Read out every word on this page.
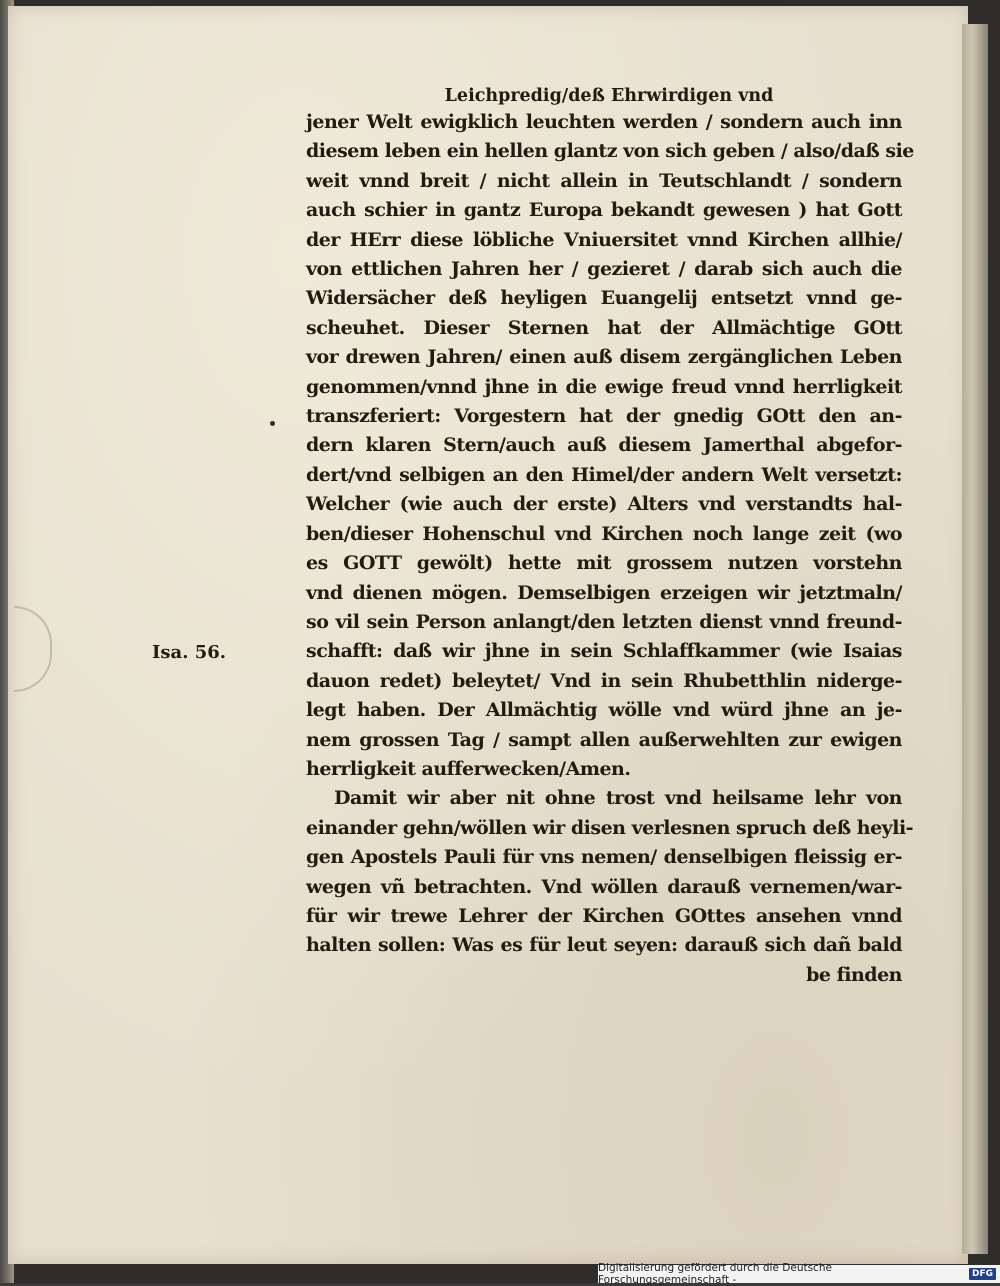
Isa. 56.
Leichpredig/deß Ehrwirdigen vnd
jener Welt ewigklich leuchten werden / sondern auch inn
diesem leben ein hellen glantz von sich geben / also/daß sie
weit vnnd breit / nicht allein in Teutschlandt / sondern
auch schier in gantz Europa bekandt gewesen ) hat Gott
der HErr diese löbliche Vniuersitet vnnd Kirchen allhie/
von ettlichen Jahren her / gezieret / darab sich auch die
Widersächer deß heyligen Euangelij entsetzt vnnd ge-
scheuhet. Dieser Sternen hat der Allmächtige GOtt
vor drewen Jahren/ einen auß disem zergänglichen Leben
genommen/vnnd jhne in die ewige freud vnnd herrligkeit
transzferiert: Vorgestern hat der gnedig GOtt den an-
dern klaren Stern/auch auß diesem Jamerthal abgefor-
dert/vnd selbigen an den Himel/der andern Welt versetzt:
Welcher (wie auch der erste) Alters vnd verstandts hal-
ben/dieser Hohenschul vnd Kirchen noch lange zeit (wo
es GOTT gewölt) hette mit grossem nutzen vorstehn
vnd dienen mögen. Demselbigen erzeigen wir jetztmaln/
so vil sein Person anlangt/den letzten dienst vnnd freund-
schafft: daß wir jhne in sein Schlaffkammer (wie Isaias
dauon redet) beleytet/ Vnd in sein Rhubetthlin niderge-
legt haben. Der Allmächtig wölle vnd würd jhne an je-
nem grossen Tag / sampt allen außerwehlten zur ewigen
herrligkeit aufferwecken/Amen.
Damit wir aber nit ohne trost vnd heilsame lehr von
einander gehn/wöllen wir disen verlesnen spruch deß heyli-
gen Apostels Pauli für vns nemen/ denselbigen fleissig er-
wegen vñ betrachten. Vnd wöllen darauß vernemen/war-
für wir trewe Lehrer der Kirchen GOttes ansehen vnnd
halten sollen: Was es für leut seyen: darauß sich dañ bald
be finden
Digitalisierung gefördert durch die Deutsche Forschungsgemeinschaft -	DFG
